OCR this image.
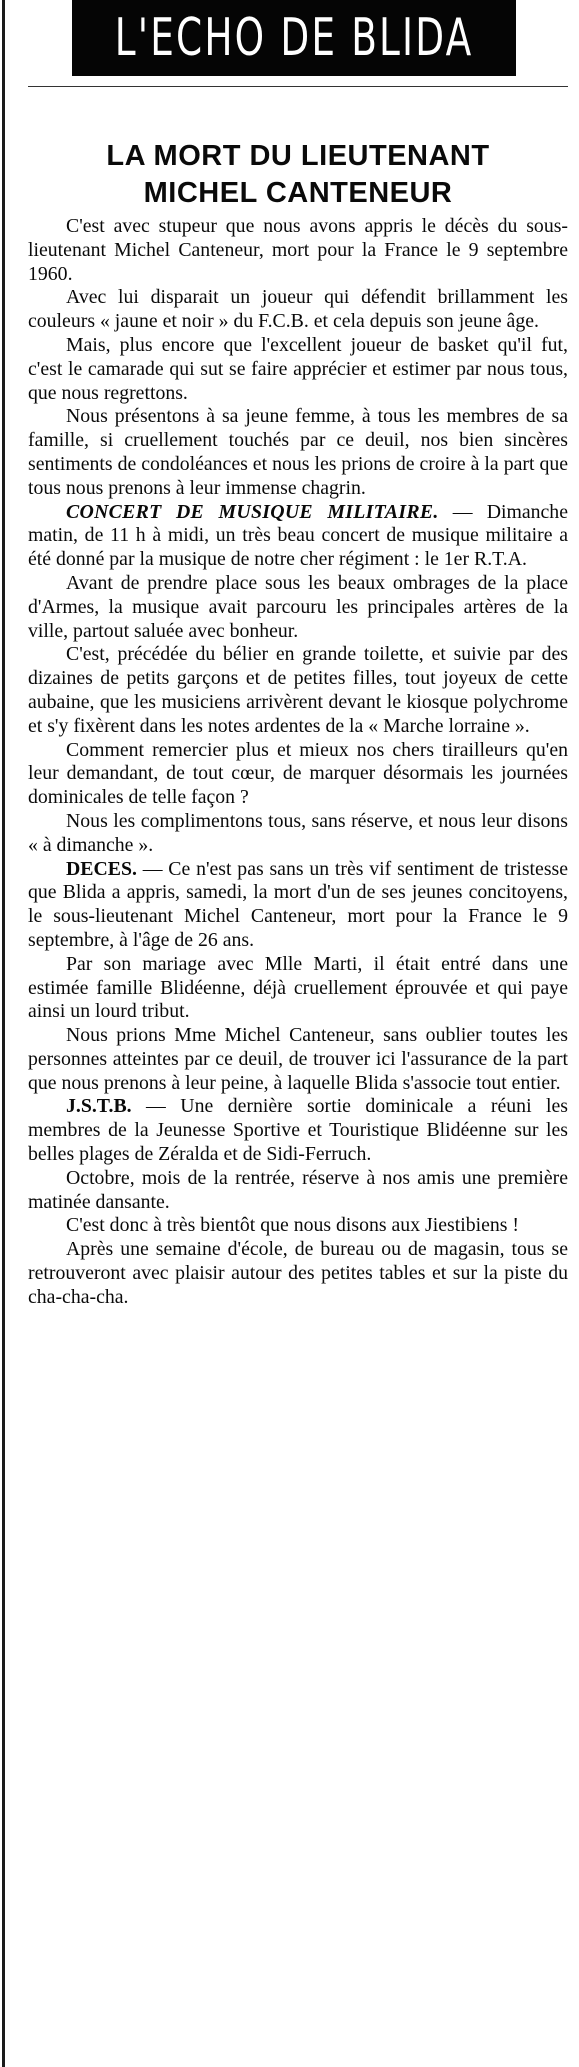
L'ECHO DE BLIDA
LA MORT DU LIEUTENANT
MICHEL CANTENEUR

C'est avec stupeur que nous avons appris le décès du sous-lieutenant Michel Canteneur, mort pour la France le 9 septembre 1960.

Avec lui disparait un joueur qui défendit brillamment les couleurs « jaune et noir » du F.C.B. et cela depuis son jeune âge.

Mais, plus encore que l'excellent joueur de basket qu'il fut, c'est le camarade qui sut se faire apprécier et estimer par nous tous, que nous regrettons.

Nous présentons à sa jeune femme, à tous les membres de sa famille, si cruellement touchés par ce deuil, nos bien sincères sentiments de condoléances et nous les prions de croire à la part que tous nous prenons à leur immense chagrin.

CONCERT DE MUSIQUE MILITAIRE. — Dimanche matin, de 11 h à midi, un très beau concert de musique militaire a été donné par la musique de notre cher régiment : le 1er R.T.A.

Avant de prendre place sous les beaux ombrages de la place d'Armes, la musique avait parcouru les principales artères de la ville, partout saluée avec bonheur.

C'est, précédée du bélier en grande toilette, et suivie par des dizaines de petits garçons et de petites filles, tout joyeux de cette aubaine, que les musiciens arrivèrent devant le kiosque polychrome et s'y fixèrent dans les notes ardentes de la « Marche lorraine ».

Comment remercier plus et mieux nos chers tirailleurs qu'en leur demandant, de tout cœur, de marquer désormais les journées dominicales de telle façon ?

Nous les complimentons tous, sans réserve, et nous leur disons « à dimanche ».

DECES. — Ce n'est pas sans un très vif sentiment de tristesse que Blida a appris, samedi, la mort d'un de ses jeunes concitoyens, le sous-lieutenant Michel Canteneur, mort pour la France le 9 septembre, à l'âge de 26 ans.

Par son mariage avec Mlle Marti, il était entré dans une estimée famille Blidéenne, déjà cruellement éprouvée et qui paye ainsi un lourd tribut.

Nous prions Mme Michel Canteneur, sans oublier toutes les personnes atteintes par ce deuil, de trouver ici l'assurance de la part que nous prenons à leur peine, à laquelle Blida s'associe tout entier.

J.S.T.B. — Une dernière sortie dominicale a réuni les membres de la Jeunesse Sportive et Touristique Blidéenne sur les belles plages de Zéralda et de Sidi-Ferruch.

Octobre, mois de la rentrée, réserve à nos amis une première matinée dansante.

C'est donc à très bientôt que nous disons aux Jiestibiens !

Après une semaine d'école, de bureau ou de magasin, tous se retrouveront avec plaisir autour des petites tables et sur la piste du cha-cha-cha.
